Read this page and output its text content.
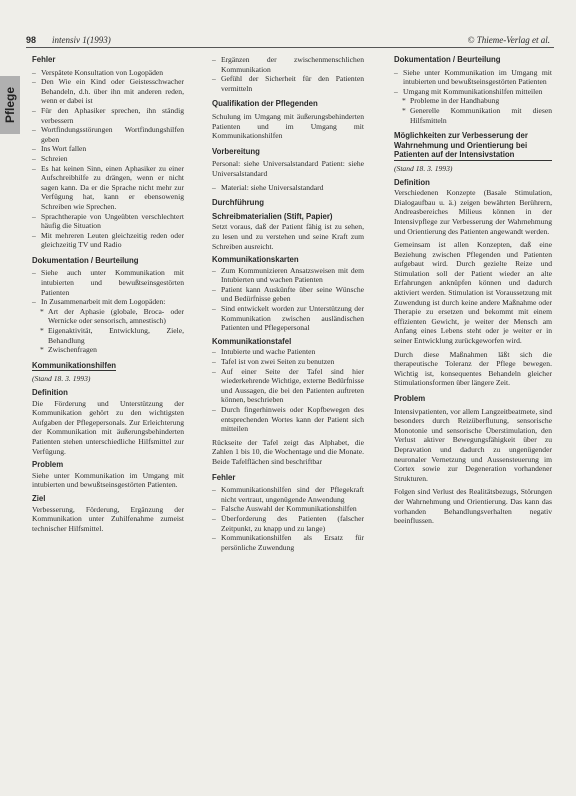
98 intensiv 1(1993)	© Thieme-Verlag et al.
Pflege
Fehler
– Verspätete Konsultation von Logopäden
– Den Wie ein Kind oder Geistesschwacher Behandeln, d.h. über ihn mit anderen reden, wenn er dabei ist
– Für den Aphasiker sprechen, ihn ständig verbessern
– Wortfindungsstörungen Wortfindungshilfen geben
– Ins Wort fallen
– Schreien
– Es hat keinen Sinn, einen Aphasiker zu einer Aufschreibhilfe zu drängen, wenn er nicht sagen kann. Da er die Sprache nicht mehr zur Verfügung hat, kann er ebensowenig Schreiben wie Sprechen.
– Sprachtherapie von Ungeübten verschlechtert häufig die Situation
– Mit mehreren Leuten gleichzeitig reden oder gleichzeitig TV und Radio
Dokumentation / Beurteilung
– Siehe auch unter Kommunikation mit intubierten und bewußtseinsgestörten Patienten
– In Zusammenarbeit mit dem Logopäden:
* Art der Aphasie (globale, Broca- oder Wernicke oder sensorisch, amnestisch)
* Eigenaktivität, Entwicklung, Ziele, Behandlung
* Zwischenfragen
Kommunikationshilfen
(Stand 18. 3. 1993)
Definition

Die Förderung und Unterstützung der Kommunikation gehört zu den wichtigsten Aufgaben der Pflegepersonals. Zur Erleichterung der Kommunikation mit äußerungsbehinderten Patienten stehen unterschiedliche Hilfsmittel zur Verfügung.

Problem

Siehe unter Kommunikation im Umgang mit intubierten und bewußtseinsgestörten Patienten.

Ziel

Verbesserung, Förderung, Ergänzung der Kommunikation unter Zuhilfenahme zumeist technischer Hilfsmittel.

– Ergänzen der zwischenmenschlichen Kommunikation
– Gefühl der Sicherheit für den Patienten vermitteln
Qualifikation der Pflegenden

Schulung im Umgang mit äußerungsbehinderten Patienten und im Umgang mit Kommunikationshilfen

Vorbereitung

Personal: siehe Universalstandard Patient: siehe Universalstandard

– Material: siehe Universalstandard
Durchführung
Schreibmaterialien (Stift, Papier)

Setzt voraus, daß der Patient fähig ist zu sehen, zu lesen und zu verstehen und seine Kraft zum Schreiben ausreicht.

Kommunikationskarten
– Zum Kommunizieren Ansatzsweisen mit dem Intubierten und wachen Patienten
– Patient kann Auskünfte über seine Wünsche und Bedürfnisse geben
– Sind entwickelt worden zur Unterstützung der Kommunikation zwischen ausländischen Patienten und Pflegepersonal
Kommunikationstafel
– Intubierte und wache Patienten
– Tafel ist von zwei Seiten zu benutzen
– Auf einer Seite der Tafel sind hier wiederkehrende Wichtige, externe Bedürfnisse und Aussagen, die bei den Patienten auftreten können, beschrieben
– Durch fingerhinweis oder Kopfbewegen des entsprechenden Wortes kann der Patient sich mitteilen

Rückseite der Tafel zeigt das Alphabet, die Zahlen 1 bis 10, die Wochentage und die Monate. Beide Tafelflächen sind beschriftbar

Fehler
– Kommunikationshilfen sind der Pflegekraft nicht vertraut, ungenügende Anwendung
– Falsche Auswahl der Kommunikationshilfen
– Überforderung des Patienten (falscher Zeitpunkt, zu knapp und zu lange)
– Kommunikationshilfen als Ersatz für persönliche Zuwendung
Dokumentation / Beurteilung
– Siehe unter Kommunikation im Umgang mit intubierten und bewußtseinsgestörten Patienten
– Umgang mit Kommunikationshilfen mitteilen
* Probleme in der Handhabung
* Generelle Kommunikation mit diesen Hilfsmitteln
Möglichkeiten zur Verbesserung der Wahrnehmung und Orientierung bei Patienten auf der Intensivstation
(Stand 18. 3. 1993)
Definition

Verschiedenen Konzepte (Basale Stimulation, Dialogaufbau u. ä.) zeigen bewährten Berührern, Andreasbereiches Milieus können in der Intensivpflege zur Verbesserung der Wahrnehmung und Orientierung des Patienten angewandt werden.

Gemeinsam ist allen Konzepten, daß eine Beziehung zwischen Pflegenden und Patienten aufgebaut wird. Durch gezielte Reize und Stimulation soll der Patient wieder an alte Erfahrungen anknüpfen können und dadurch aktiviert werden. Stimulation ist Voraussetzung mit Zuwendung ist durch keine andere Maßnahme oder Therapie zu ersetzen und bekommt mit einem effizienten Gewicht, je weiter der Mensch am Anfang eines Lebens steht oder je weiter er in seiner Entwicklung zurückgeworfen wird.

Durch diese Maßnahmen läßt sich die therapeutische Toleranz der Pflege bewegen. Wichtig ist, konsequentes Behandeln gleicher Stimulationsformen über längere Zeit.

Problem

Intensivpatienten, vor allem Langzeitbeatmete, sind besonders durch Reizüberflutung, sensorische Monotonie und sensorische Überstimulation, den Verlust aktiver Bewegungsfähigkeit über zu Depravation und dadurch zu ungenügender neuronaler Vernetzung und Aussensteuerung im Cortex sowie zur Degeneration vorhandener Strukturen.

Folgen sind Verlust des Realitätsbezugs, Störungen der Wahrnehmung und Orientierung. Das kann das vorhanden Behandlungsverhalten negativ beeinflussen.
